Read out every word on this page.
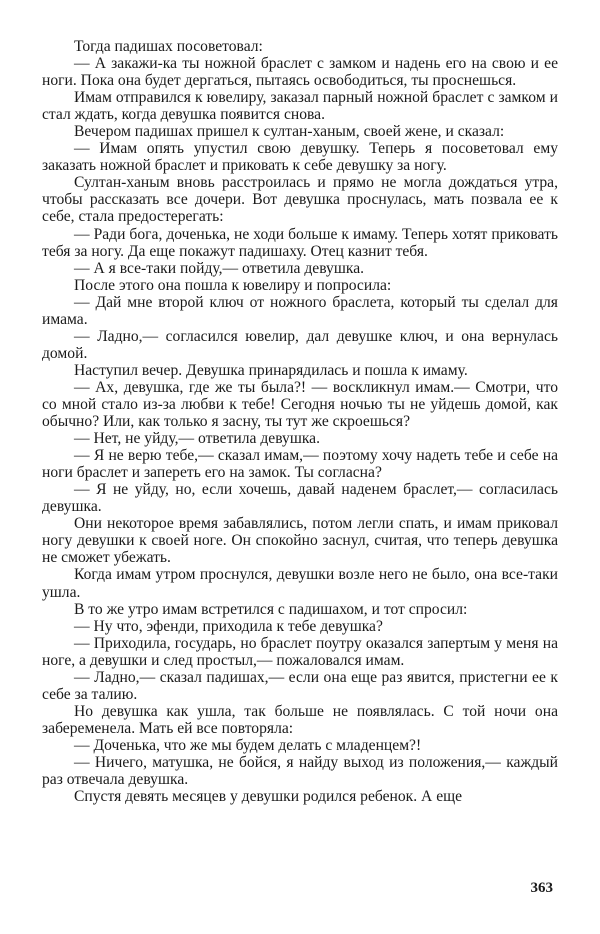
Тогда падишах посоветовал:

— А закажи-ка ты ножной браслет с замком и надень его на свою и ее ноги. Пока она будет дергаться, пытаясь освободиться, ты проснешься.

Имам отправился к ювелиру, заказал парный ножной браслет с замком и стал ждать, когда девушка появится снова.

Вечером падишах пришел к султан-ханым, своей жене, и сказал:

— Имам опять упустил свою девушку. Теперь я посоветовал ему заказать ножной браслет и приковать к себе девушку за ногу.

Султан-ханым вновь расстроилась и прямо не могла дождаться утра, чтобы рассказать все дочери. Вот девушка проснулась, мать позвала ее к себе, стала предостерегать:

— Ради бога, доченька, не ходи больше к имаму. Теперь хотят приковать тебя за ногу. Да еще покажут падишаху. Отец казнит тебя.

— А я все-таки пойду,— ответила девушка.

После этого она пошла к ювелиру и попросила:

— Дай мне второй ключ от ножного браслета, который ты сделал для имама.

— Ладно,— согласился ювелир, дал девушке ключ, и она вернулась домой.

Наступил вечер. Девушка принарядилась и пошла к имаму.

— Ах, девушка, где же ты была?! — воскликнул имам.— Смотри, что со мной стало из-за любви к тебе! Сегодня ночью ты не уйдешь домой, как обычно? Или, как только я засну, ты тут же скроешься?

— Нет, не уйду,— ответила девушка.

— Я не верю тебе,— сказал имам,— поэтому хочу надеть тебе и себе на ноги браслет и запереть его на замок. Ты согласна?

— Я не уйду, но, если хочешь, давай наденем браслет,— согласилась девушка.

Они некоторое время забавлялись, потом легли спать, и имам приковал ногу девушки к своей ноге. Он спокойно заснул, считая, что теперь девушка не сможет убежать.

Когда имам утром проснулся, девушки возле него не было, она все-таки ушла.

В то же утро имам встретился с падишахом, и тот спросил:

— Ну что, эфенди, приходила к тебе девушка?

— Приходила, государь, но браслет поутру оказался запертым у меня на ноге, а девушки и след простыл,— пожаловался имам.

— Ладно,— сказал падишах,— если она еще раз явится, пристегни ее к себе за талию.

Но девушка как ушла, так больше не появлялась. С той ночи она забеременела. Мать ей все повторяла:

— Доченька, что же мы будем делать с младенцем?!

— Ничего, матушка, не бойся, я найду выход из положения,— каждый раз отвечала девушка.

Спустя девять месяцев у девушки родился ребенок. А еще

363
